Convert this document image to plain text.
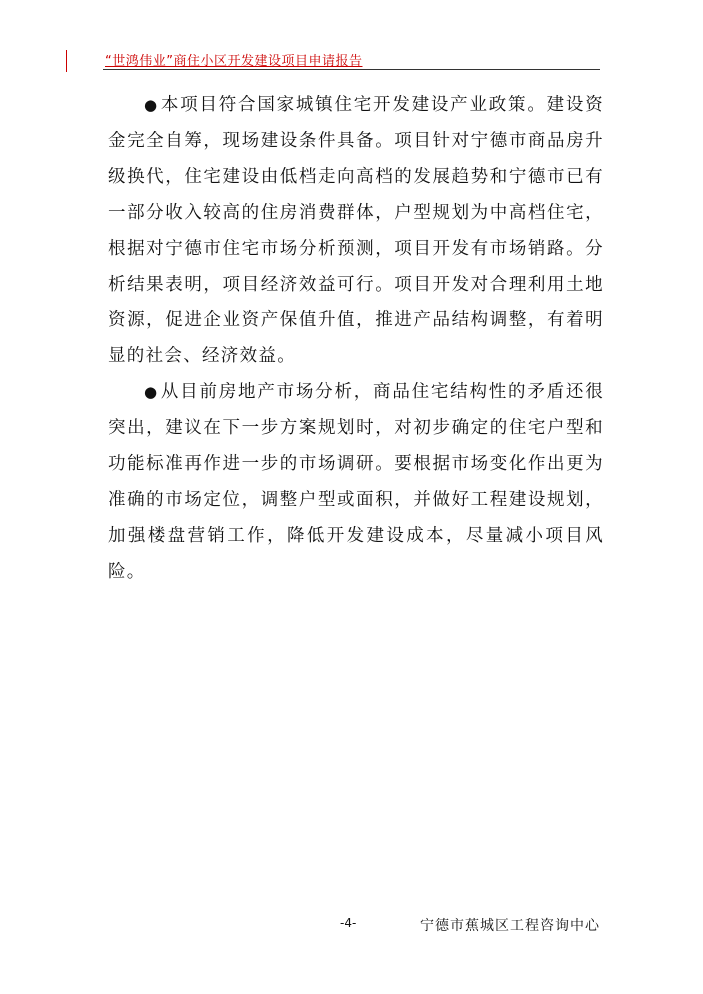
“世鸿伟业”商住小区开发建设项目申请报告

● 本项目符合国家城镇住宅开发建设产业政策。建设资金完全自筹，现场建设条件具备。项目针对宁德市商品房升级换代，住宅建设由低档走向高档的发展趋势和宁德市已有一部分收入较高的住房消费群体，户型规划为中高档住宅，根据对宁德市住宅市场分析预测，项目开发有市场销路。分析结果表明，项目经济效益可行。项目开发对合理利用土地资源，促进企业资产保值升值，推进产品结构调整，有着明显的社会、经济效益。

● 从目前房地产市场分析，商品住宅结构性的矛盾还很突出，建议在下一步方案规划时，对初步确定的住宅户型和功能标准再作进一步的市场调研。要根据市场变化作出更为准确的市场定位，调整户型或面积，并做好工程建设规划，加强楼盘营销工作，降低开发建设成本，尽量减小项目风险。

-4-	宁德市蕉城区工程咨询中心
